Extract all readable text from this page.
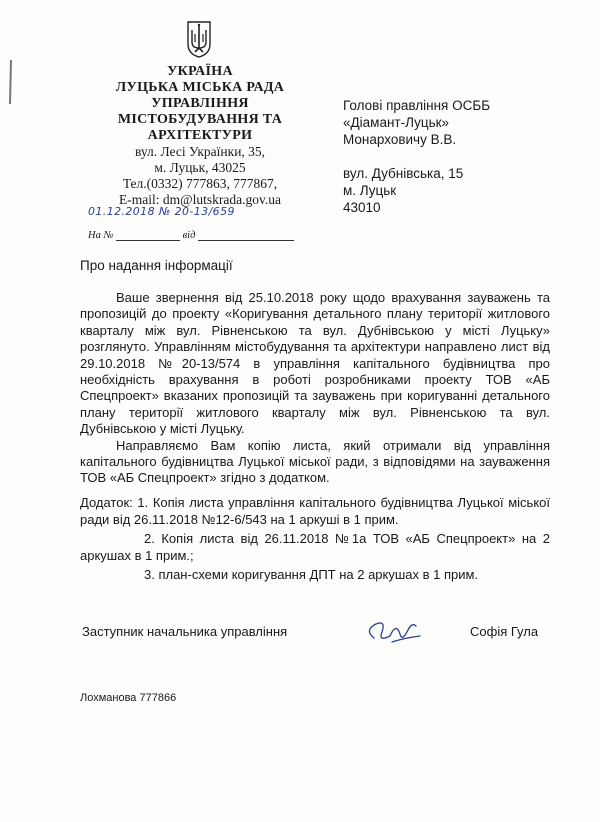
УКРАЇНА
ЛУЦЬКА МІСЬКА РАДА
УПРАВЛІННЯ
МІСТОБУДУВАННЯ ТА
АРХІТЕКТУРИ
вул. Лесі Українки, 35,
м. Луцьк, 43025
Тел.(0332) 777863, 777867,
E-mail: dm@lutskrada.gov.ua
01.12.2018 № 20-13/659
На №	від
Голові правління ОСББ
«Діамант-Луцьк»
Монарховичу В.В.
вул. Дубнівська, 15
м. Луцьк
43010
Про надання інформації

Ваше звернення від 25.10.2018 року щодо врахування зауважень та пропозицій до проекту «Коригування детального плану території житлового кварталу між вул. Рівненською та вул. Дубнівською у місті Луцьку» розглянуто. Управлінням містобудування та архітектури направлено лист від 29.10.2018 №20-13/574 в управління капітального будівництва про необхідність врахування в роботі розробниками проекту ТОВ «АБ Спецпроект» вказаних пропозицій та зауважень при коригуванні детального плану території житлового кварталу між вул. Рівненською та вул. Дубнівською у місті Луцьку.

Направляємо Вам копію листа, який отримали від управління капітального будівництва Луцької міської ради, з відповідями на зауваження ТОВ «АБ Спецпроект» згідно з додатком.

Додаток: 1. Копія листа управління капітального будівництва Луцької міської ради від 26.11.2018 №12-6/543 на 1 аркуші в 1 прим.

2. Копія листа від 26.11.2018 №1а ТОВ «АБ Спецпроект» на 2 аркушах в 1 прим.;

3. план-схеми коригування ДПТ на 2 аркушах в 1 прим.

Заступник начальника управління	Софія Гула
Лохманова 777866
